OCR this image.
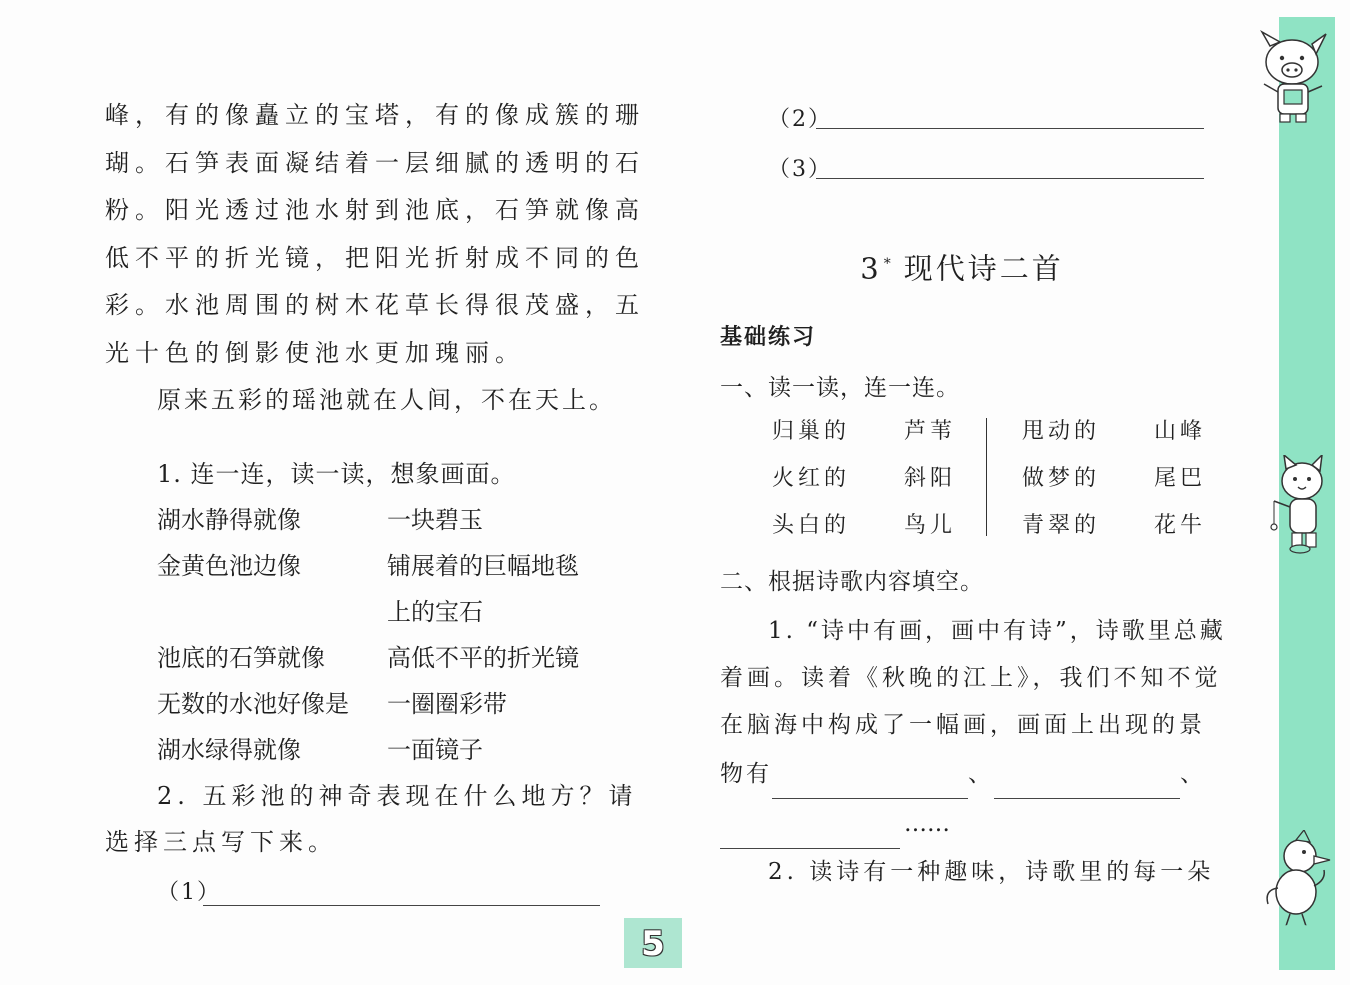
峰，有的像矗立的宝塔，有的像成簇的珊
瑚。石笋表面凝结着一层细腻的透明的石
粉。阳光透过池水射到池底，石笋就像高
低不平的折光镜，把阳光折射成不同的色
彩。水池周围的树木花草长得很茂盛，五
光十色的倒影使池水更加瑰丽。
原来五彩的瑶池就在人间，不在天上。
1. 连一连，读一读，想象画面。
湖水静得就像	一块碧玉
金黄色池边像	铺展着的巨幅地毯
上的宝石
池底的石笋就像	高低不平的折光镜
无数的水池好像是 一圈圈彩带
湖水绿得就像	一面镜子
2. 五彩池的神奇表现在什么地方？请
选择三点写下来。
（1）
（2）
（3）
3 * 现代诗二首
基础练习
一、读一读，连一连。
归巢的 芦苇	甩动的 山峰
火红的 斜阳	做梦的 尾巴
头白的 鸟儿	青翠的 花牛
二、根据诗歌内容填空。
1. “诗中有画，画中有诗”，诗歌里总藏
着画。读着《秋晚的江上》，我们不知不觉
在脑海中构成了一幅画，画面上出现的景
物有	、	、
……
2. 读诗有一种趣味，诗歌里的每一朵
5
